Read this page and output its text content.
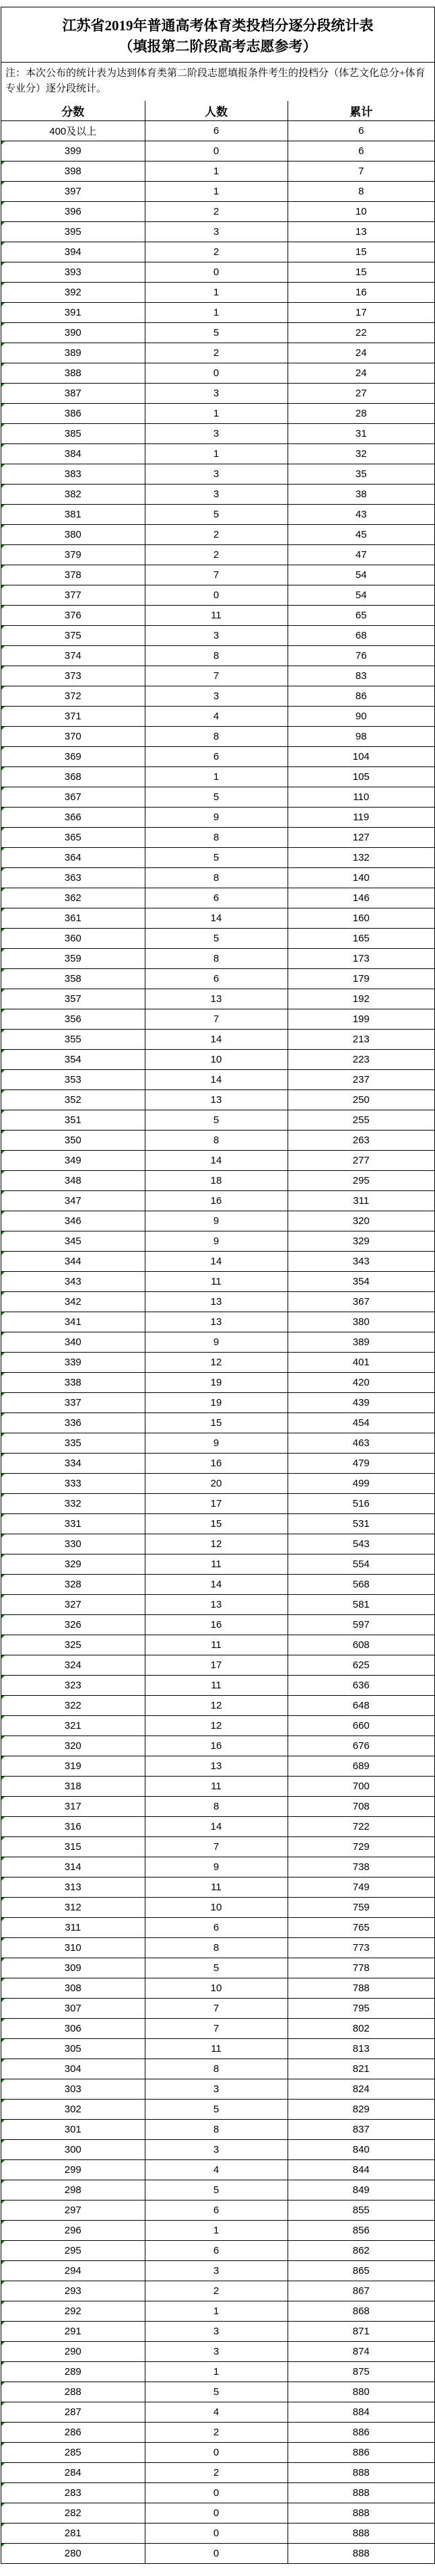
江苏省2019年普通高考体育类投档分逐分段统计表
（填报第二阶段高考志愿参考）
注：本次公布的统计表为达到体育类第二阶段志愿填报条件考生的投档分（体艺文化总分+体育专业分）逐分段统计。
分数	人数	累计
400及以上	6	6

399	0	6

398	1	7

397	1	8

396	2	10

395	3	13

394	2	15

393	0	15

392	1	16

391	1	17

390	5	22

389	2	24

388	0	24

387	3	27

386	1	28

385	3	31

384	1	32

383	3	35

382	3	38

381	5	43

380	2	45

379	2	47

378	7	54

377	0	54

376	11	65

375	3	68

374	8	76

373	7	83

372	3	86

371	4	90

370	8	98

369	6	104

368	1	105

367	5	110

366	9	119

365	8	127

364	5	132

363	8	140

362	6	146

361	14	160

360	5	165

359	8	173

358	6	179

357	13	192

356	7	199

355	14	213

354	10	223

353	14	237

352	13	250

351	5	255

350	8	263

349	14	277

348	18	295

347	16	311

346	9	320

345	9	329

344	14	343

343	11	354

342	13	367

341	13	380

340	9	389

339	12	401

338	19	420

337	19	439

336	15	454

335	9	463

334	16	479

333	20	499

332	17	516

331	15	531

330	12	543

329	11	554

328	14	568

327	13	581

326	16	597

325	11	608

324	17	625

323	11	636

322	12	648

321	12	660

320	16	676

319	13	689

318	11	700

317	8	708

316	14	722

315	7	729

314	9	738

313	11	749

312	10	759

311	6	765

310	8	773

309	5	778

308	10	788

307	7	795

306	7	802

305	11	813

304	8	821

303	3	824

302	5	829

301	8	837

300	3	840

299	4	844

298	5	849

297	6	855

296	1	856

295	6	862

294	3	865

293	2	867

292	1	868

291	3	871

290	3	874

289	1	875

288	5	880

287	4	884

286	2	886

285	0	886

284	2	888

283	0	888

282	0	888

281	0	888

280	0	888
